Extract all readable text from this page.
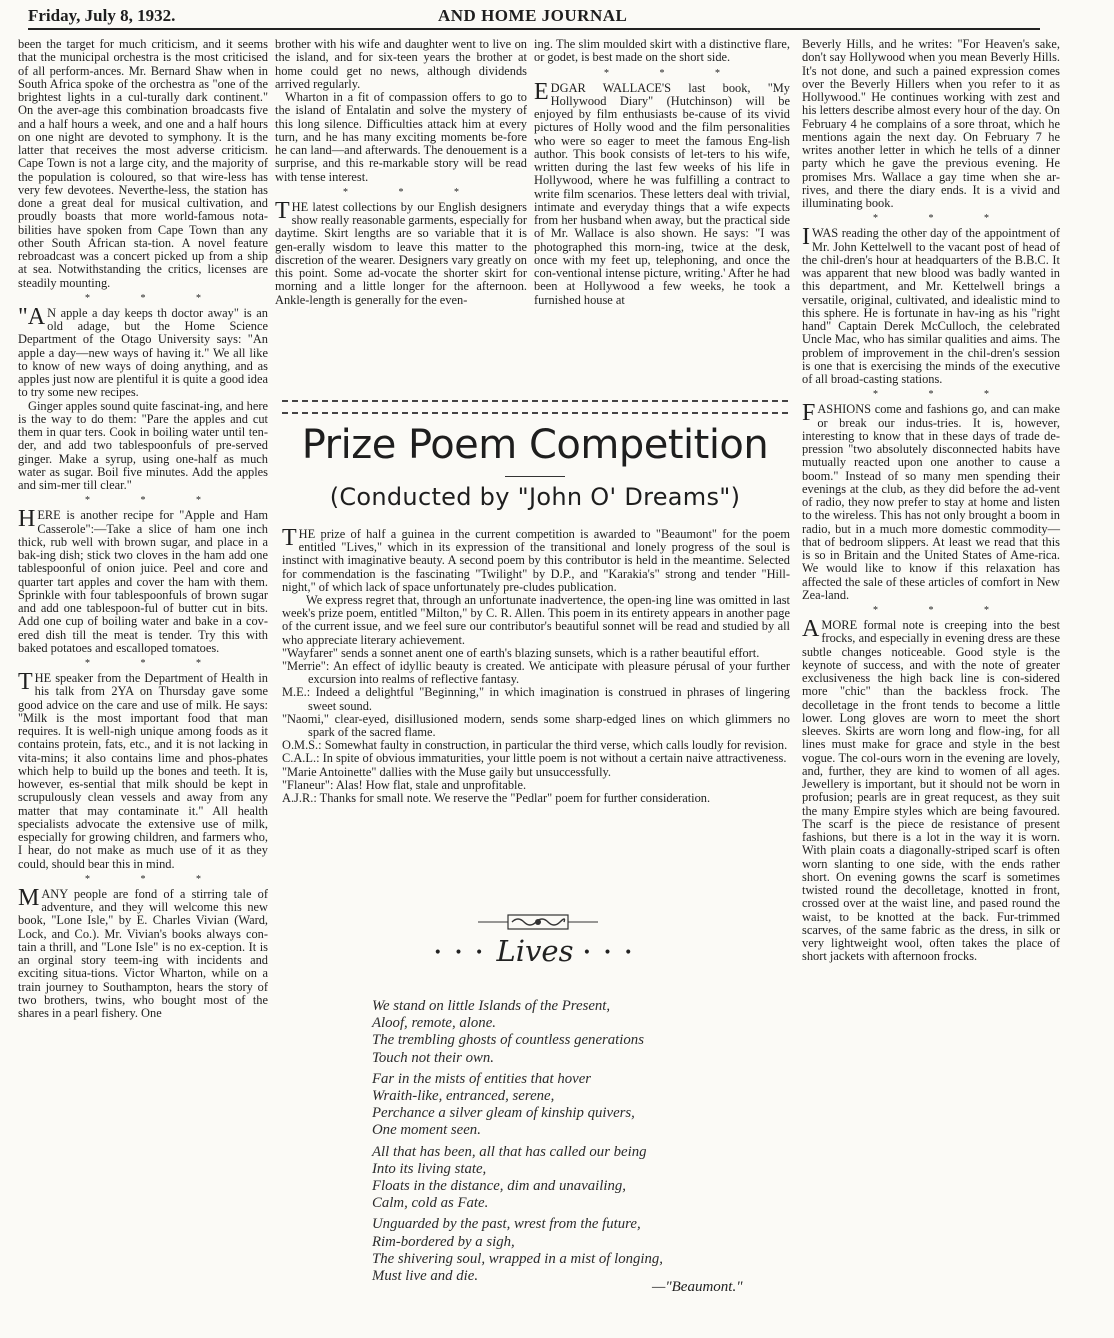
Friday, July 8, 1932.	AND HOME JOURNAL

been the target for much criticism, and it seems that the municipal orchestra is the most criticised of all perform-ances. Mr. Bernard Shaw when in South Africa spoke of the orchestra as "one of the brightest lights in a cul-turally dark continent." On the aver-age this combination broadcasts five and a half hours a week, and one and a half hours on one night are devoted to symphony. It is the latter that receives the most adverse criticism. Cape Town is not a large city, and the majority of the population is coloured, so that wire-less has very few devotees. Neverthe-less, the station has done a great deal for musical cultivation, and proudly boasts that more world-famous nota-bilities have spoken from Cape Town than any other South African sta-tion. A novel feature rebroadcast was a concert picked up from a ship at sea. Notwithstanding the critics, licenses are steadily mounting.

* * *

"AN apple a day keeps th doctor away" is an old adage, but the Home Science Department of the Otago University says: "An apple a day—new ways of having it." We all like to know of new ways of doing anything, and as apples just now are plentiful it is quite a good idea to try some new recipes.

Ginger apples sound quite fascinat-ing, and here is the way to do them: "Pare the apples and cut them in quar ters. Cook in boiling water until ten-der, and add two tablespoonfuls of pre-served ginger. Make a syrup, using one-half as much water as sugar. Boil five minutes. Add the apples and sim-mer till clear."

* * *

HERE is another recipe for "Apple and Ham Casserole":—Take a slice of ham one inch thick, rub well with brown sugar, and place in a bak-ing dish; stick two cloves in the ham add one tablespoonful of onion juice. Peel and core and quarter tart apples and cover the ham with them. Sprinkle with four tablespoonfuls of brown sugar and add one tablespoon-ful of butter cut in bits. Add one cup of boiling water and bake in a cov-ered dish till the meat is tender. Try this with baked potatoes and escalloped tomatoes.

* * *

THE speaker from the Department of Health in his talk from 2YA on Thursday gave some good advice on the care and use of milk. He says: "Milk is the most important food that man requires. It is well-nigh unique among foods as it contains protein, fats, etc., and it is not lacking in vita-mins; it also contains lime and phos-phates which help to build up the bones and teeth. It is, however, es-sential that milk should be kept in scrupulously clean vessels and away from any matter that may contaminate it." All health specialists advocate the extensive use of milk, especially for growing children, and farmers who, I hear, do not make as much use of it as they could, should bear this in mind.

* * *

MANY people are fond of a stirring tale of adventure, and they will welcome this new book, "Lone Isle," by E. Charles Vivian (Ward, Lock, and Co.). Mr. Vivian's books always con-tain a thrill, and "Lone Isle" is no ex-ception. It is an orginal story teem-ing with incidents and exciting situa-tions. Victor Wharton, while on a train journey to Southampton, hears the story of two brothers, twins, who bought most of the shares in a pearl fishery. One

brother with his wife and daughter went to live on the island, and for six-teen years the brother at home could get no news, although dividends arrived regularly.

Wharton in a fit of compassion offers to go to the island of Entalatin and solve the mystery of this long silence. Difficulties attack him at every turn, and he has many exciting moments be-fore he can land—and afterwards. The denouement is a surprise, and this re-markable story will be read with tense interest.

* * *

THE latest collections by our English designers show really reasonable garments, especially for daytime. Skirt lengths are so variable that it is gen-erally wisdom to leave this matter to the discretion of the wearer. Designers vary greatly on this point. Some ad-vocate the shorter skirt for morning and a little longer for the afternoon. Ankle-length is generally for the even-

ing. The slim moulded skirt with a distinctive flare, or godet, is best made on the short side.

* * *

EDGAR WALLACE'S last book, "My Hollywood Diary" (Hutchinson) will be enjoyed by film enthusiasts be-cause of its vivid pictures of Holly wood and the film personalities who were so eager to meet the famous Eng-lish author. This book consists of let-ters to his wife, written during the last few weeks of his life in Hollywood, where he was fulfilling a contract to write film scenarios. These letters deal with trivial, intimate and everyday things that a wife expects from her husband when away, but the practical side of Mr. Wallace is also shown. He says: "I was photographed this morn-ing, twice at the desk, once with my feet up, telephoning, and once the con-ventional intense picture, writing.' After he had been at Hollywood a few weeks, he took a furnished house at

Beverly Hills, and he writes: "For Heaven's sake, don't say Hollywood when you mean Beverly Hills. It's not done, and such a pained expression comes over the Beverly Hillers when you refer to it as Hollywood." He continues working with zest and his letters describe almost every hour of the day. On February 4 he complains of a sore throat, which he mentions again the next day. On February 7 he writes another letter in which he tells of a dinner party which he gave the previous evening. He promises Mrs. Wallace a gay time when she ar-rives, and there the diary ends. It is a vivid and illuminating book.

* * *

IWAS reading the other day of the appointment of Mr. John Kettelwell to the vacant post of head of the chil-dren's hour at headquarters of the B.B.C. It was apparent that new blood was badly wanted in this department, and Mr. Kettelwell brings a versatile, original, cultivated, and idealistic mind to this sphere. He is fortunate in hav-ing as his "right hand" Captain Derek McCulloch, the celebrated Uncle Mac, who has similar qualities and aims. The problem of improvement in the chil-dren's session is one that is exercising the minds of the executive of all broad-casting stations.

* * *

FASHIONS come and fashions go, and can make or break our indus-tries. It is, however, interesting to know that in these days of trade de-pression "two absolutely disconnected habits have mutually reacted upon one another to cause a boom." Instead of so many men spending their evenings at the club, as they did before the ad-vent of radio, they now prefer to stay at home and listen to the wireless. This has not only brought a boom in radio, but in a much more domestic commodity—that of bedroom slippers. At least we read that this is so in Britain and the United States of Ame-rica. We would like to know if this relaxation has affected the sale of these articles of comfort in New Zea-land.

* * *

AMORE formal note is creeping into the best frocks, and especially in evening dress are these subtle changes noticeable. Good style is the keynote of success, and with the note of greater exclusiveness the high back line is con-sidered more "chic" than the backless frock. The decolletage in the front tends to become a little lower. Long gloves are worn to meet the short sleeves. Skirts are worn long and flow-ing, for all lines must make for grace and style in the best vogue. The col-ours worn in the evening are lovely, and, further, they are kind to women of all ages. Jewellery is important, but it should not be worn in profusion; pearls are in great requcest, as they suit the many Empire styles which are being favoured. The scarf is the piece de resistance of present fashions, but there is a lot in the way it is worn. With plain coats a diagonally-striped scarf is often worn slanting to one side, with the ends rather short. On evening gowns the scarf is sometimes twisted round the decolletage, knotted in front, crossed over at the waist line, and pased round the waist, to be knotted at the back. Fur-trimmed scarves, of the same fabric as the dress, in silk or very lightweight wool, often takes the place of short jackets with afternoon frocks.

Prize Poem Competition
(Conducted by "John O' Dreams")

THE prize of half a guinea in the current competition is awarded to "Beaumont" for the poem entitled "Lives," which in its expression of the transitional and lonely progress of the soul is instinct with imaginative beauty. A second poem by this contributor is held in the meantime. Selected for commendation is the fascinating "Twilight" by D.P., and "Karakia's" strong and tender "Hill-night," of which lack of space unfortunately pre-cludes publication.

We express regret that, through an unfortunate inadvertence, the open-ing line was omitted in last week's prize poem, entitled "Milton," by C. R. Allen. This poem in its entirety appears in another page of the current issue, and we feel sure our contributor's beautiful sonnet will be read and studied by all who appreciate literary achievement.

"Wayfarer" sends a sonnet anent one of earth's blazing sunsets, which is a rather beautiful effort.

"Merrie": An effect of idyllic beauty is created. We anticipate with pleasure pérusal of your further excursion into realms of reflective fantasy.

M.E.: Indeed a delightful "Beginning," in which imagination is construed in phrases of lingering sweet sound.

"Naomi," clear-eyed, disillusioned modern, sends some sharp-edged lines on which glimmers no spark of the sacred flame.

O.M.S.: Somewhat faulty in construction, in particular the third verse, which calls loudly for revision.

C.A.L.: In spite of obvious immaturities, your little poem is not without a certain naive attractiveness.

"Marie Antoinette" dallies with the Muse gaily but unsuccessfully.

"Flaneur": Alas! How flat, stale and unprofitable.

A.J.R.: Thanks for small note. We reserve the "Pedlar" poem for further consideration.

• • • Lives • • •
We stand on little Islands of the Present,
Aloof, remote, alone.
The trembling ghosts of countless generations
Touch not their own.
Far in the mists of entities that hover
Wraith-like, entranced, serene,
Perchance a silver gleam of kinship quivers,
One moment seen.
All that has been, all that has called our being
Into its living state,
Floats in the distance, dim and unavailing,
Calm, cold as Fate.
Unguarded by the past, wrest from the future,
Rim-bordered by a sigh,
The shivering soul, wrapped in a mist of longing,
Must live and die.
—"Beaumont."
